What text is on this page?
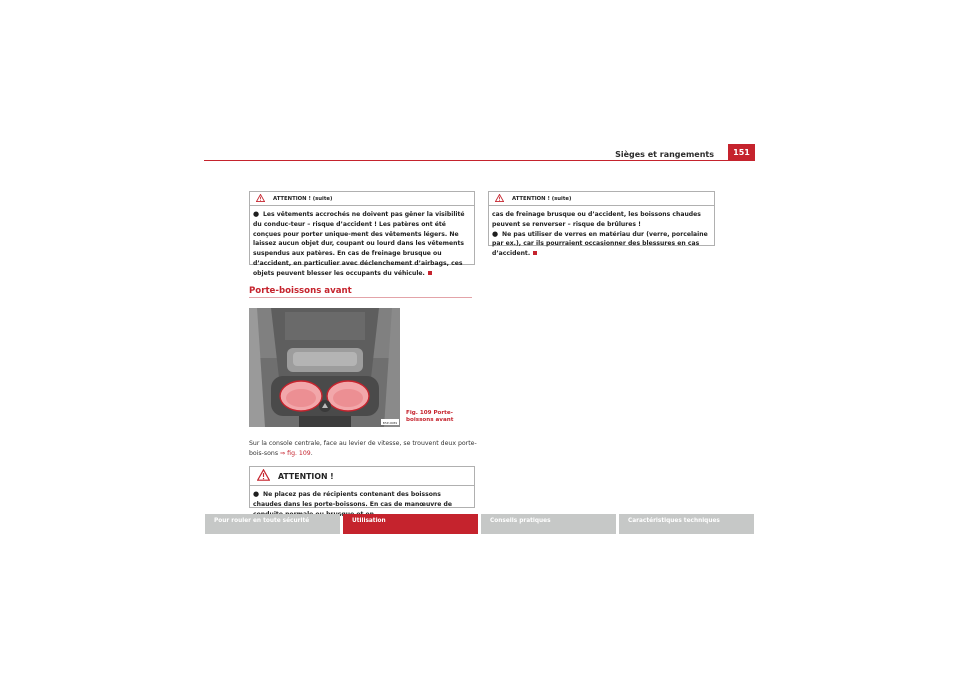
Sièges et rangements	151
ATTENTION ! (suite)
● Les vêtements accrochés ne doivent pas gêner la visibilité du conduc-teur – risque d’accident ! Les patères ont été conçues pour porter unique-ment des vêtements légers. Ne laissez aucun objet dur, coupant ou lourd dans les vêtements suspendus aux patères. En cas de freinage brusque ou d’accident, en particulier avec déclenchement d’airbags, ces objets peuvent blesser les occupants du véhicule.
Porte-boissons avant
B5P-0089
Fig. 109 Porte-boissons avant
Sur la console centrale, face au levier de vitesse, se trouvent deux porte-bois-sons ⇒ fig. 109.
ATTENTION !
● Ne placez pas de récipients contenant des boissons chaudes dans les porte-boissons. En cas de manœuvre de brusque
ATTENTION ! (suite)
cas de freinage brusque ou d’accident, les boissons chaudes peuvent se renverser – risque de brûlures !
● Ne pas utiliser de verres en matériau dur (verre, porcelaine par ex.), car ils pourraient occasionner des blessures en cas d’accident.
Pour rouler en toute sécurité	Utilisation	Conseils pratiques	Caractéristiques techniques
